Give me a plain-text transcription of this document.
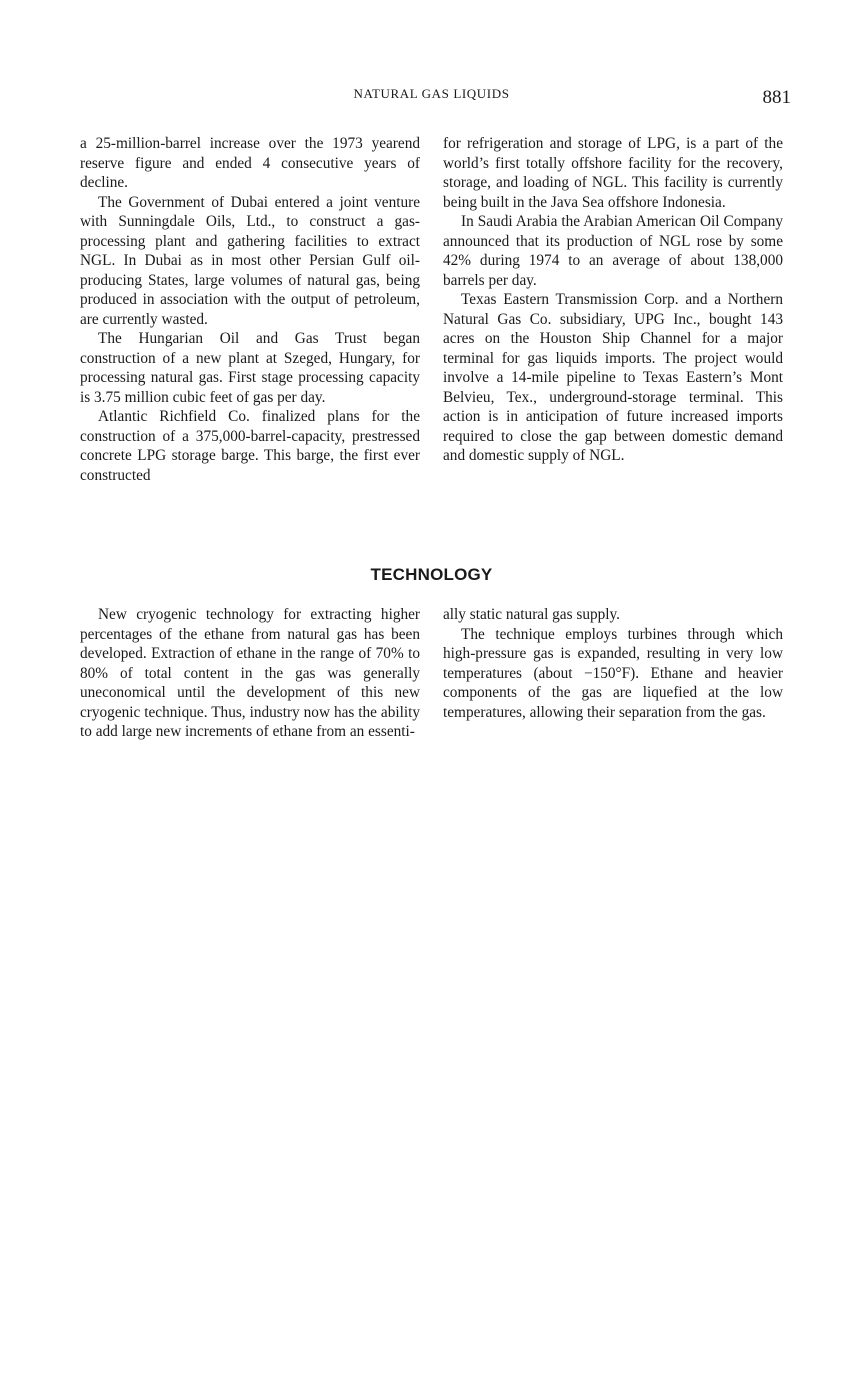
NATURAL GAS LIQUIDS	881

a 25-million-barrel increase over the 1973 yearend reserve figure and ended 4 consecutive years of decline.

The Government of Dubai entered a joint venture with Sunningdale Oils, Ltd., to construct a gas-processing plant and gathering facilities to extract NGL. In Dubai as in most other Persian Gulf oil-producing States, large volumes of natural gas, being produced in association with the output of petroleum, are currently wasted.

The Hungarian Oil and Gas Trust began construction of a new plant at Szeged, Hungary, for processing natural gas. First stage processing capacity is 3.75 million cubic feet of gas per day.

Atlantic Richfield Co. finalized plans for the construction of a 375,000-barrel-capacity, prestressed concrete LPG storage barge. This barge, the first ever constructed

for refrigeration and storage of LPG, is a part of the world’s first totally offshore facility for the recovery, storage, and loading of NGL. This facility is currently being built in the Java Sea offshore Indonesia.

In Saudi Arabia the Arabian American Oil Company announced that its production of NGL rose by some 42% during 1974 to an average of about 138,000 barrels per day.

Texas Eastern Transmission Corp. and a Northern Natural Gas Co. subsidiary, UPG Inc., bought 143 acres on the Houston Ship Channel for a major terminal for gas liquids imports. The project would involve a 14-mile pipeline to Texas Eastern’s Mont Belvieu, Tex., underground-storage terminal. This action is in anticipation of future increased imports required to close the gap between domestic demand and domestic supply of NGL.

TECHNOLOGY

New cryogenic technology for extracting higher percentages of the ethane from natural gas has been developed. Extraction of ethane in the range of 70% to 80% of total content in the gas was generally uneconomical until the development of this new cryogenic technique. Thus, industry now has the ability to add large new increments of ethane from an essenti-

ally static natural gas supply.

The technique employs turbines through which high-pressure gas is expanded, resulting in very low temperatures (about −150°F). Ethane and heavier components of the gas are liquefied at the low temperatures, allowing their separation from the gas.
